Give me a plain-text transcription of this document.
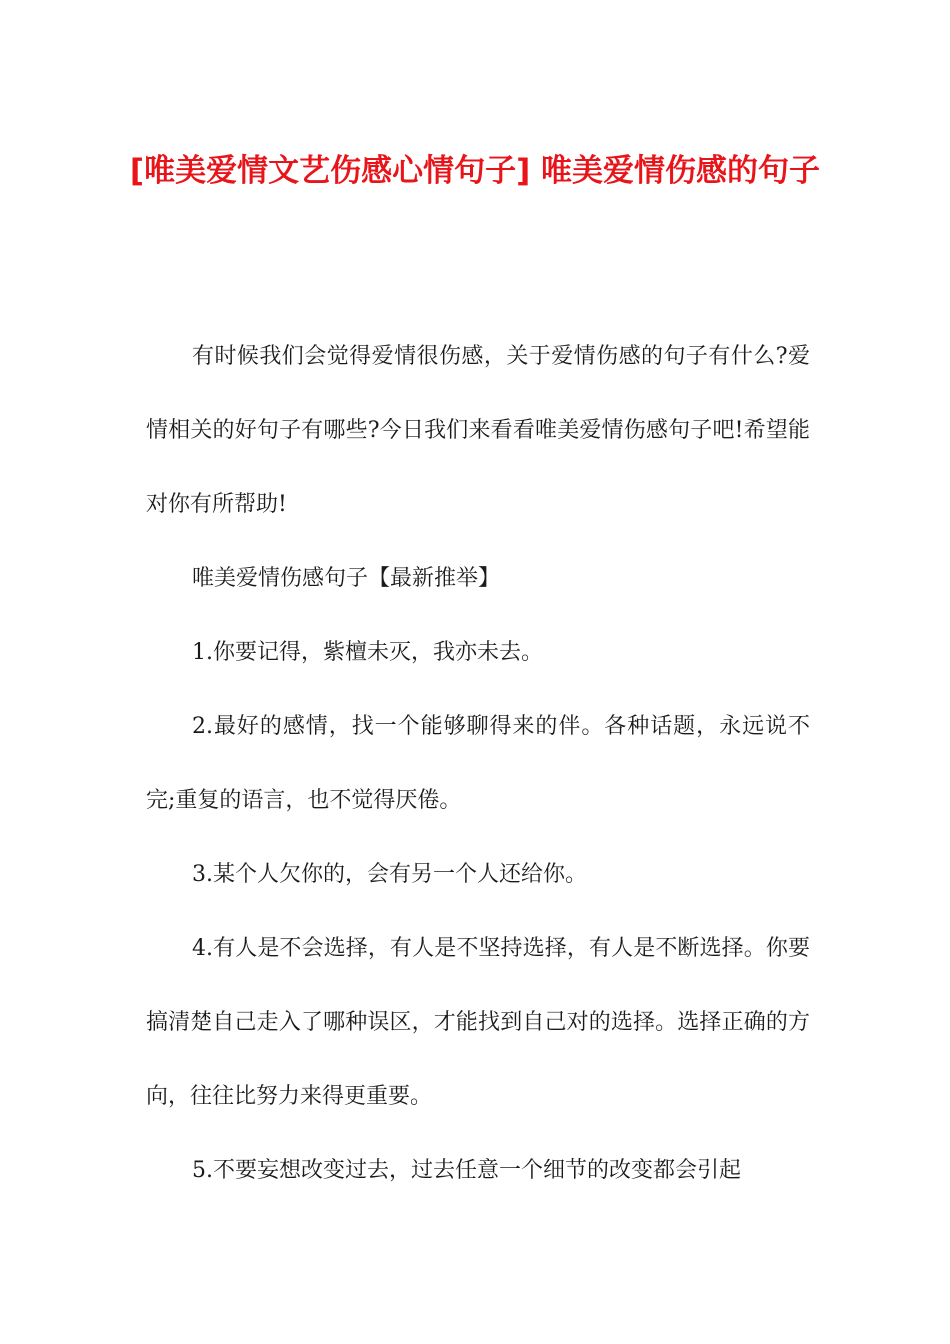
[唯美爱情文艺伤感心情句子] 唯美爱情伤感的句子

有时候我们会觉得爱情很伤感，关于爱情伤感的句子有什么?爱情相关的好句子有哪些?今日我们来看看唯美爱情伤感句子吧!希望能对你有所帮助!

唯美爱情伤感句子【最新推举】

1.你要记得，紫檀未灭，我亦未去。

2.最好的感情，找一个能够聊得来的伴。各种话题，永远说不完;重复的语言，也不觉得厌倦。

3.某个人欠你的，会有另一个人还给你。

4.有人是不会选择，有人是不坚持选择，有人是不断选择。你要搞清楚自己走入了哪种误区，才能找到自己对的选择。选择正确的方向，往往比努力来得更重要。

5.不要妄想改变过去，过去任意一个细节的改变都会引起
